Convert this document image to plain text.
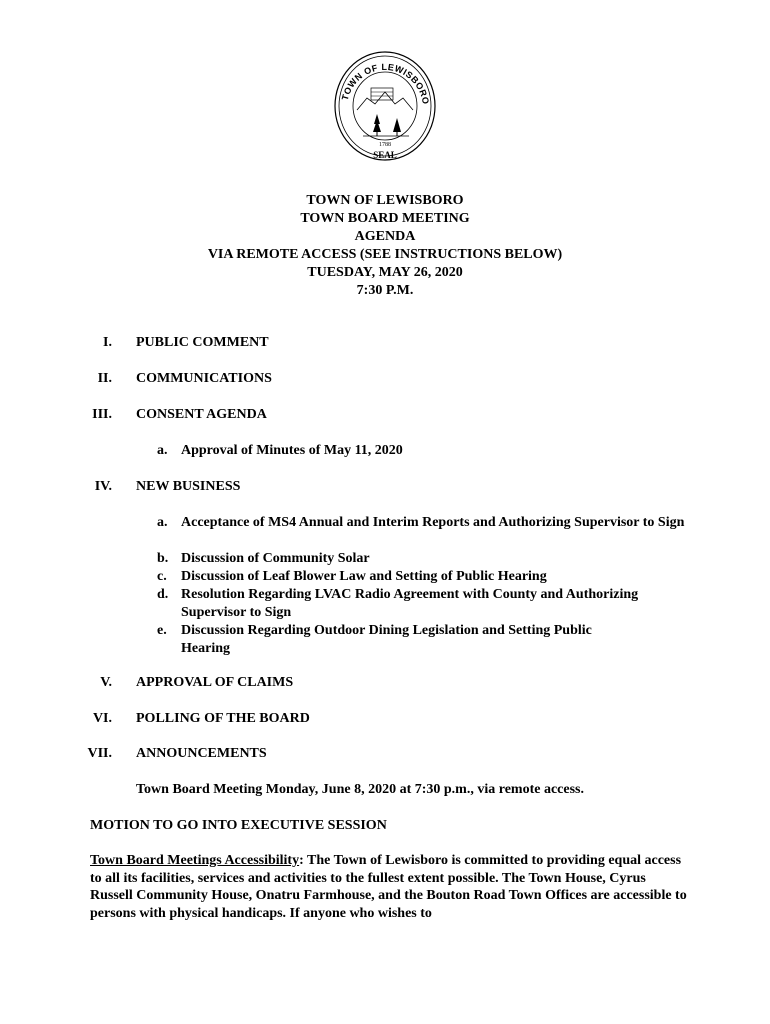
TOWN OF LEWISBORO
1788
SEAL
TOWN OF LEWISBORO
TOWN BOARD MEETING
AGENDA
VIA REMOTE ACCESS (SEE INSTRUCTIONS BELOW)
TUESDAY, MAY 26, 2020
7:30 P.M.
I. PUBLIC COMMENT
II. COMMUNICATIONS
III. CONSENT AGENDA
a. Approval of Minutes of May 11, 2020
IV. NEW BUSINESS
a. Acceptance of MS4 Annual and Interim Reports and Authorizing Supervisor to Sign
b. Discussion of Community Solar
c.	Discussion of Leaf Blower Law and Setting of Public Hearing
d. Resolution Regarding LVAC Radio Agreement with County and Authorizing Supervisor to Sign
e.	Discussion Regarding Outdoor Dining Legislation and Setting Public Hearing
V. APPROVAL OF CLAIMS
VI. POLLING OF THE BOARD
VII. ANNOUNCEMENTS
Town Board Meeting Monday, June 8, 2020 at 7:30 p.m., via remote access.
MOTION TO GO INTO EXECUTIVE SESSION
Town Board Meetings Accessibility: The Town of Lewisboro is committed to providing equal access to all its facilities, services and activities to the fullest extent possible. The Town House, Cyrus Russell Community House, Onatru Farmhouse, and the Bouton Road Town Offices are accessible to persons with physical handicaps. If anyone who wishes to
